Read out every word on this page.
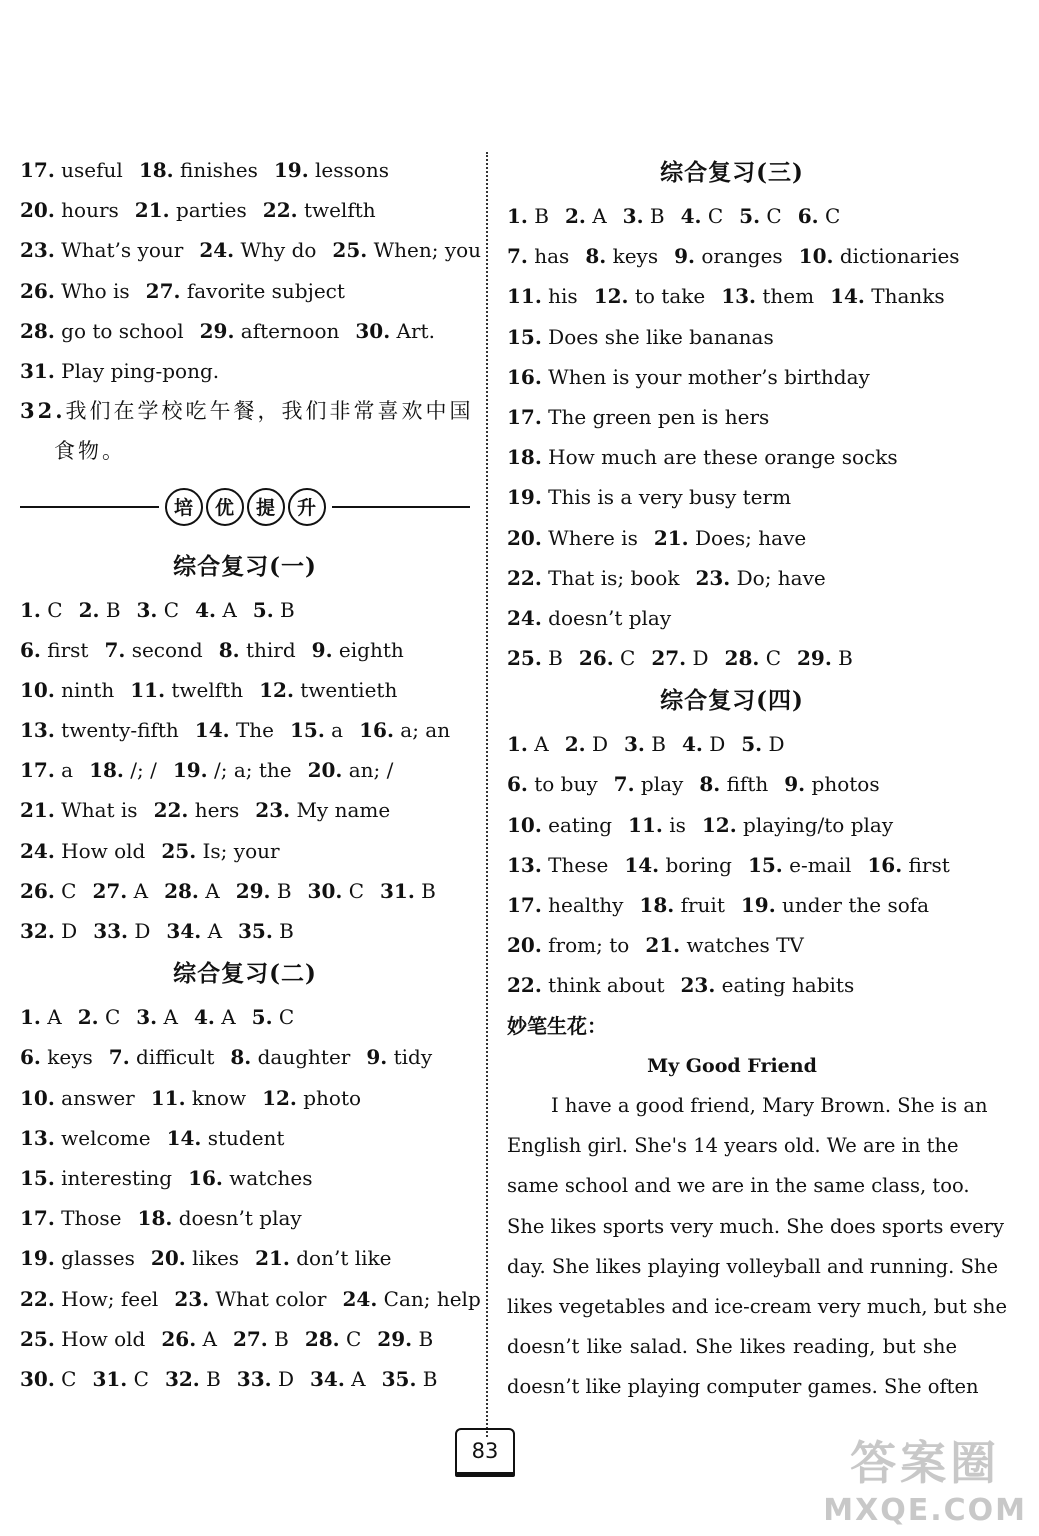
17. useful 18. finishes 19. lessons
20. hours 21. parties 22. twelfth
23. What’s your 24. Why do 25. When; you
26. Who is 27. favorite subject
28. go to school 29. afternoon 30. Art.
31. Play ping-pong.
32.我们在学校吃午餐，我们非常喜欢中国
食物。
培	优	提	升
综合复习(一)
1. C 2. B 3. C 4. A 5. B
6. first 7. second 8. third 9. eighth
10. ninth 11. twelfth 12. twentieth
13. twenty-fifth 14. The 15. a 16. a; an
17. a 18. /; / 19. /; a; the 20. an; /
21. What is 22. hers 23. My name
24. How old 25. Is; your
26. C 27. A 28. A 29. B 30. C 31. B
32. D 33. D 34. A 35. B
综合复习(二)
1. A 2. C 3. A 4. A 5. C
6. keys 7. difficult 8. daughter 9. tidy
10. answer 11. know 12. photo
13. welcome 14. student
15. interesting 16. watches
17. Those 18. doesn’t play
19. glasses 20. likes 21. don’t like
22. How; feel 23. What color 24. Can; help
25. How old 26. A 27. B 28. C 29. B
30. C 31. C 32. B 33. D 34. A 35. B
综合复习(三)
1. B 2. A 3. B 4. C 5. C 6. C
7. has 8. keys 9. oranges 10. dictionaries
11. his 12. to take 13. them 14. Thanks
15. Does she like bananas
16. When is your mother’s birthday
17. The green pen is hers
18. How much are these orange socks
19. This is a very busy term
20. Where is 21. Does; have
22. That is; book 23. Do; have
24. doesn’t play
25. B 26. C 27. D 28. C 29. B
综合复习(四)
1. A 2. D 3. B 4. D 5. D
6. to buy 7. play 8. fifth 9. photos
10. eating 11. is 12. playing/to play
13. These 14. boring 15. e-mail 16. first
17. healthy 18. fruit 19. under the sofa
20. from; to 21. watches TV
22. think about 23. eating habits
妙笔生花：
My Good Friend
I have a good friend, Mary Brown. She is an
English girl. She's 14 years old. We are in the
same school and we are in the same class, too.
She likes sports very much. She does sports every
day. She likes playing volleyball and running. She
likes vegetables and ice-cream very much, but she
doesn’t like salad. She likes reading, but she
doesn’t like playing computer games. She often
83	答案圈
MXQE.COM
